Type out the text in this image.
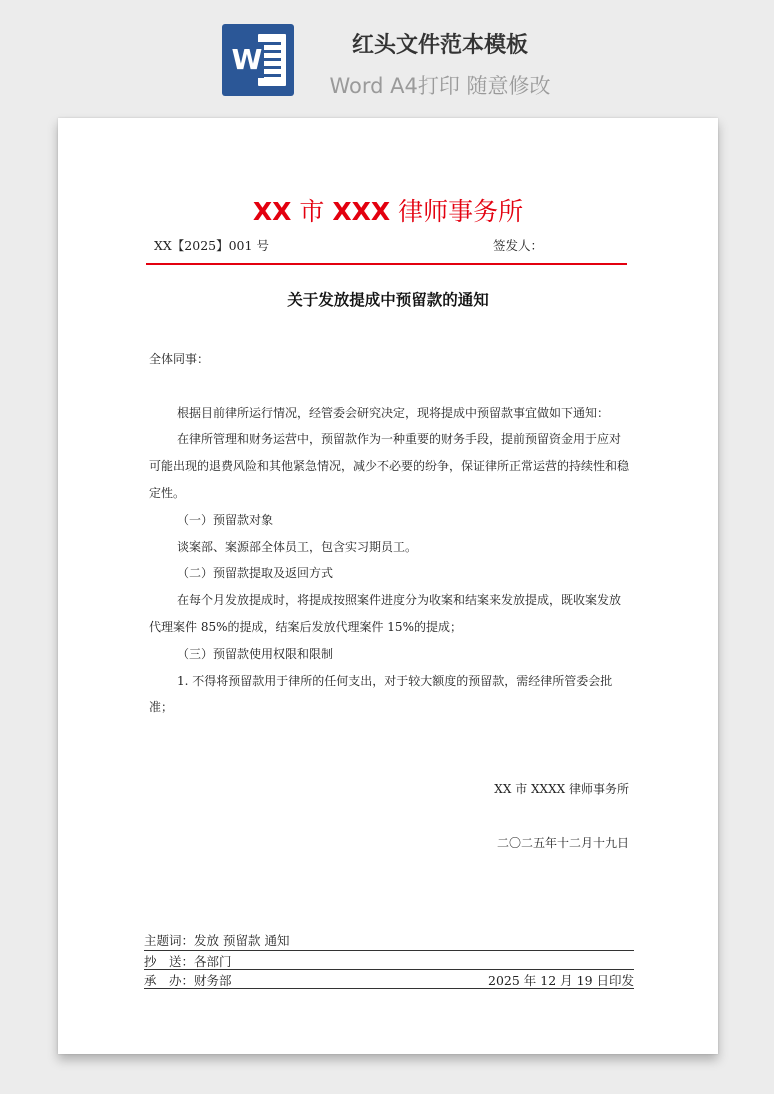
W	红头文件范本模板
Word A4打印 随意修改
XX 市 XXX 律师事务所
XX【2025】001 号	签发人：
关于发放提成中预留款的通知

全体同事：

根据目前律所运行情况，经管委会研究决定，现将提成中预留款事宜做如下通知：

在律所管理和财务运营中，预留款作为一种重要的财务手段，提前预留资金用于应对可能出现的退费风险和其他紧急情况，减少不必要的纷争，保证律所正常运营的持续性和稳定性。

（一）预留款对象

谈案部、案源部全体员工，包含实习期员工。

（二）预留款提取及返回方式

在每个月发放提成时，将提成按照案件进度分为收案和结案来发放提成，既收案发放代理案件 85%的提成，结案后发放代理案件 15%的提成；

（三）预留款使用权限和限制

1. 不得将预留款用于律所的任何支出，对于较大额度的预留款，需经律所管委会批准；

XX 市 XXXX 律师事务所
二〇二五年十二月十九日
主题词：发放 预留款 通知
抄　送：各部门
承　办：财务部	2025 年 12 月 19 日印发
